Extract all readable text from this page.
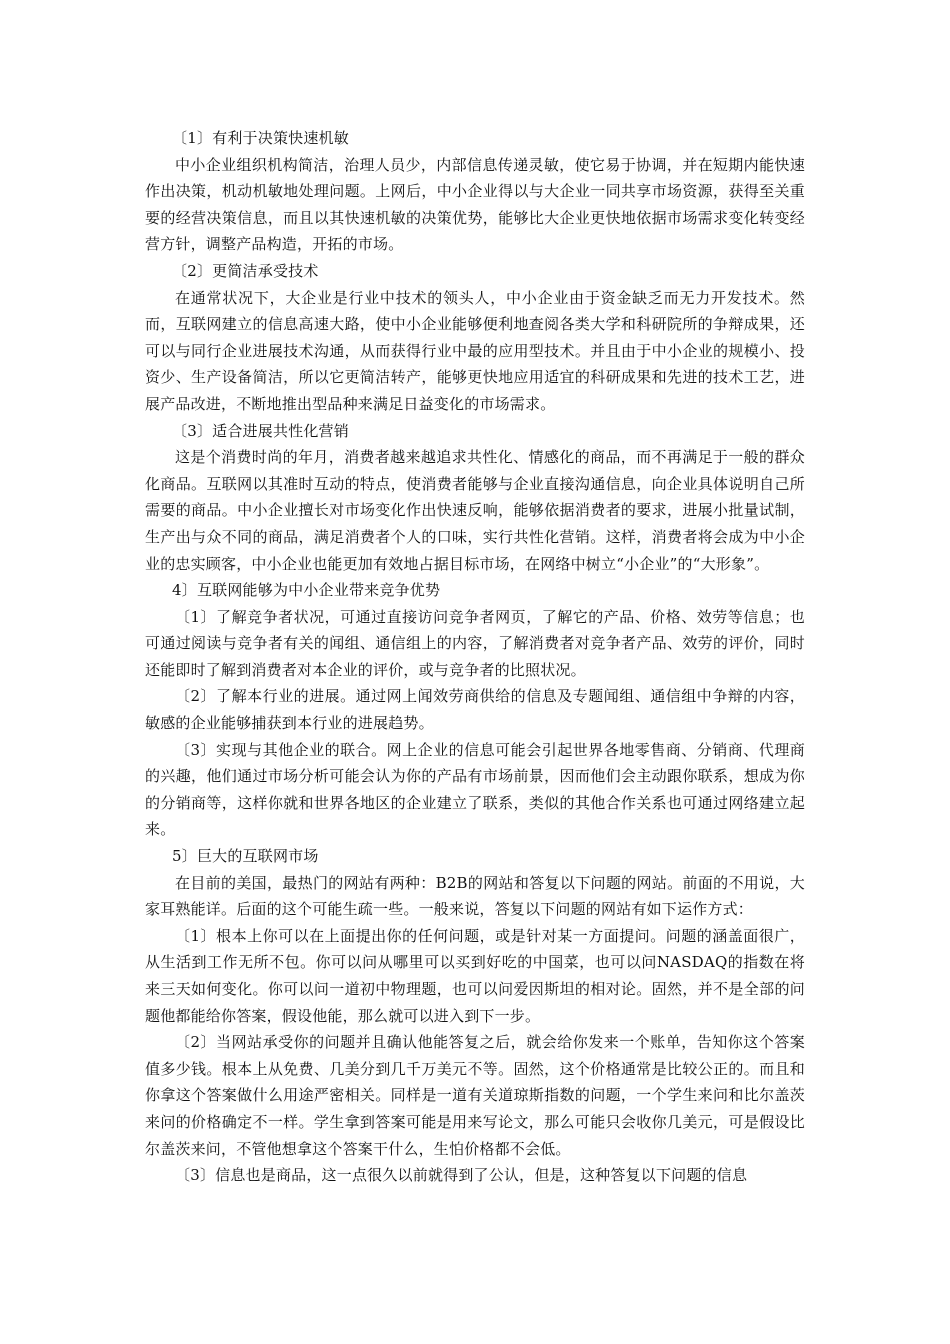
〔1〕有利于决策快速机敏

中小企业组织机构简洁，治理人员少，内部信息传递灵敏，使它易于协调，并在短期内能快速作出决策，机动机敏地处理问题。上网后，中小企业得以与大企业一同共享市场资源，获得至关重要的经营决策信息，而且以其快速机敏的决策优势，能够比大企业更快地依据市场需求变化转变经营方针，调整产品构造，开拓的市场。

〔2〕更简洁承受技术

在通常状况下，大企业是行业中技术的领头人，中小企业由于资金缺乏而无力开发技术。然而，互联网建立的信息高速大路，使中小企业能够便利地查阅各类大学和科研院所的争辩成果，还可以与同行企业进展技术沟通，从而获得行业中最的应用型技术。并且由于中小企业的规模小、投资少、生产设备简洁，所以它更简洁转产，能够更快地应用适宜的科研成果和先进的技术工艺，进展产品改进，不断地推出型品种来满足日益变化的市场需求。

〔3〕适合进展共性化营销

这是个消费时尚的年月，消费者越来越追求共性化、情感化的商品，而不再满足于一般的群众化商品。互联网以其准时互动的特点，使消费者能够与企业直接沟通信息，向企业具体说明自己所需要的商品。中小企业擅长对市场变化作出快速反响，能够依据消费者的要求，进展小批量试制，生产出与众不同的商品，满足消费者个人的口味，实行共性化营销。这样，消费者将会成为中小企业的忠实顾客，中小企业也能更加有效地占据目标市场，在网络中树立“小企业”的“大形象”。

4〕互联网能够为中小企业带来竞争优势

〔1〕了解竞争者状况，可通过直接访问竞争者网页，了解它的产品、价格、效劳等信息；也可通过阅读与竞争者有关的闻组、通信组上的内容，了解消费者对竞争者产品、效劳的评价，同时还能即时了解到消费者对本企业的评价，或与竞争者的比照状况。

〔2〕了解本行业的进展。通过网上闻效劳商供给的信息及专题闻组、通信组中争辩的内容，敏感的企业能够捕获到本行业的进展趋势。

〔3〕实现与其他企业的联合。网上企业的信息可能会引起世界各地零售商、分销商、代理商的兴趣，他们通过市场分析可能会认为你的产品有市场前景，因而他们会主动跟你联系，想成为你的分销商等，这样你就和世界各地区的企业建立了联系，类似的其他合作关系也可通过网络建立起来。

5〕巨大的互联网市场

在目前的美国，最热门的网站有两种：B2B的网站和答复以下问题的网站。前面的不用说，大家耳熟能详。后面的这个可能生疏一些。一般来说，答复以下问题的网站有如下运作方式：

〔1〕根本上你可以在上面提出你的任何问题，或是针对某一方面提问。问题的涵盖面很广，从生活到工作无所不包。你可以问从哪里可以买到好吃的中国菜，也可以问NASDAQ的指数在将来三天如何变化。你可以问一道初中物理题，也可以问爱因斯坦的相对论。固然，并不是全部的问题他都能给你答案，假设他能，那么就可以进入到下一步。

〔2〕当网站承受你的问题并且确认他能答复之后，就会给你发来一个账单，告知你这个答案值多少钱。根本上从免费、几美分到几千万美元不等。固然，这个价格通常是比较公正的。而且和你拿这个答案做什么用途严密相关。同样是一道有关道琼斯指数的问题，一个学生来问和比尔盖茨来问的价格确定不一样。学生拿到答案可能是用来写论文，那么可能只会收你几美元，可是假设比尔盖茨来问，不管他想拿这个答案干什么，生怕价格都不会低。

〔3〕信息也是商品，这一点很久以前就得到了公认，但是，这种答复以下问题的信息
